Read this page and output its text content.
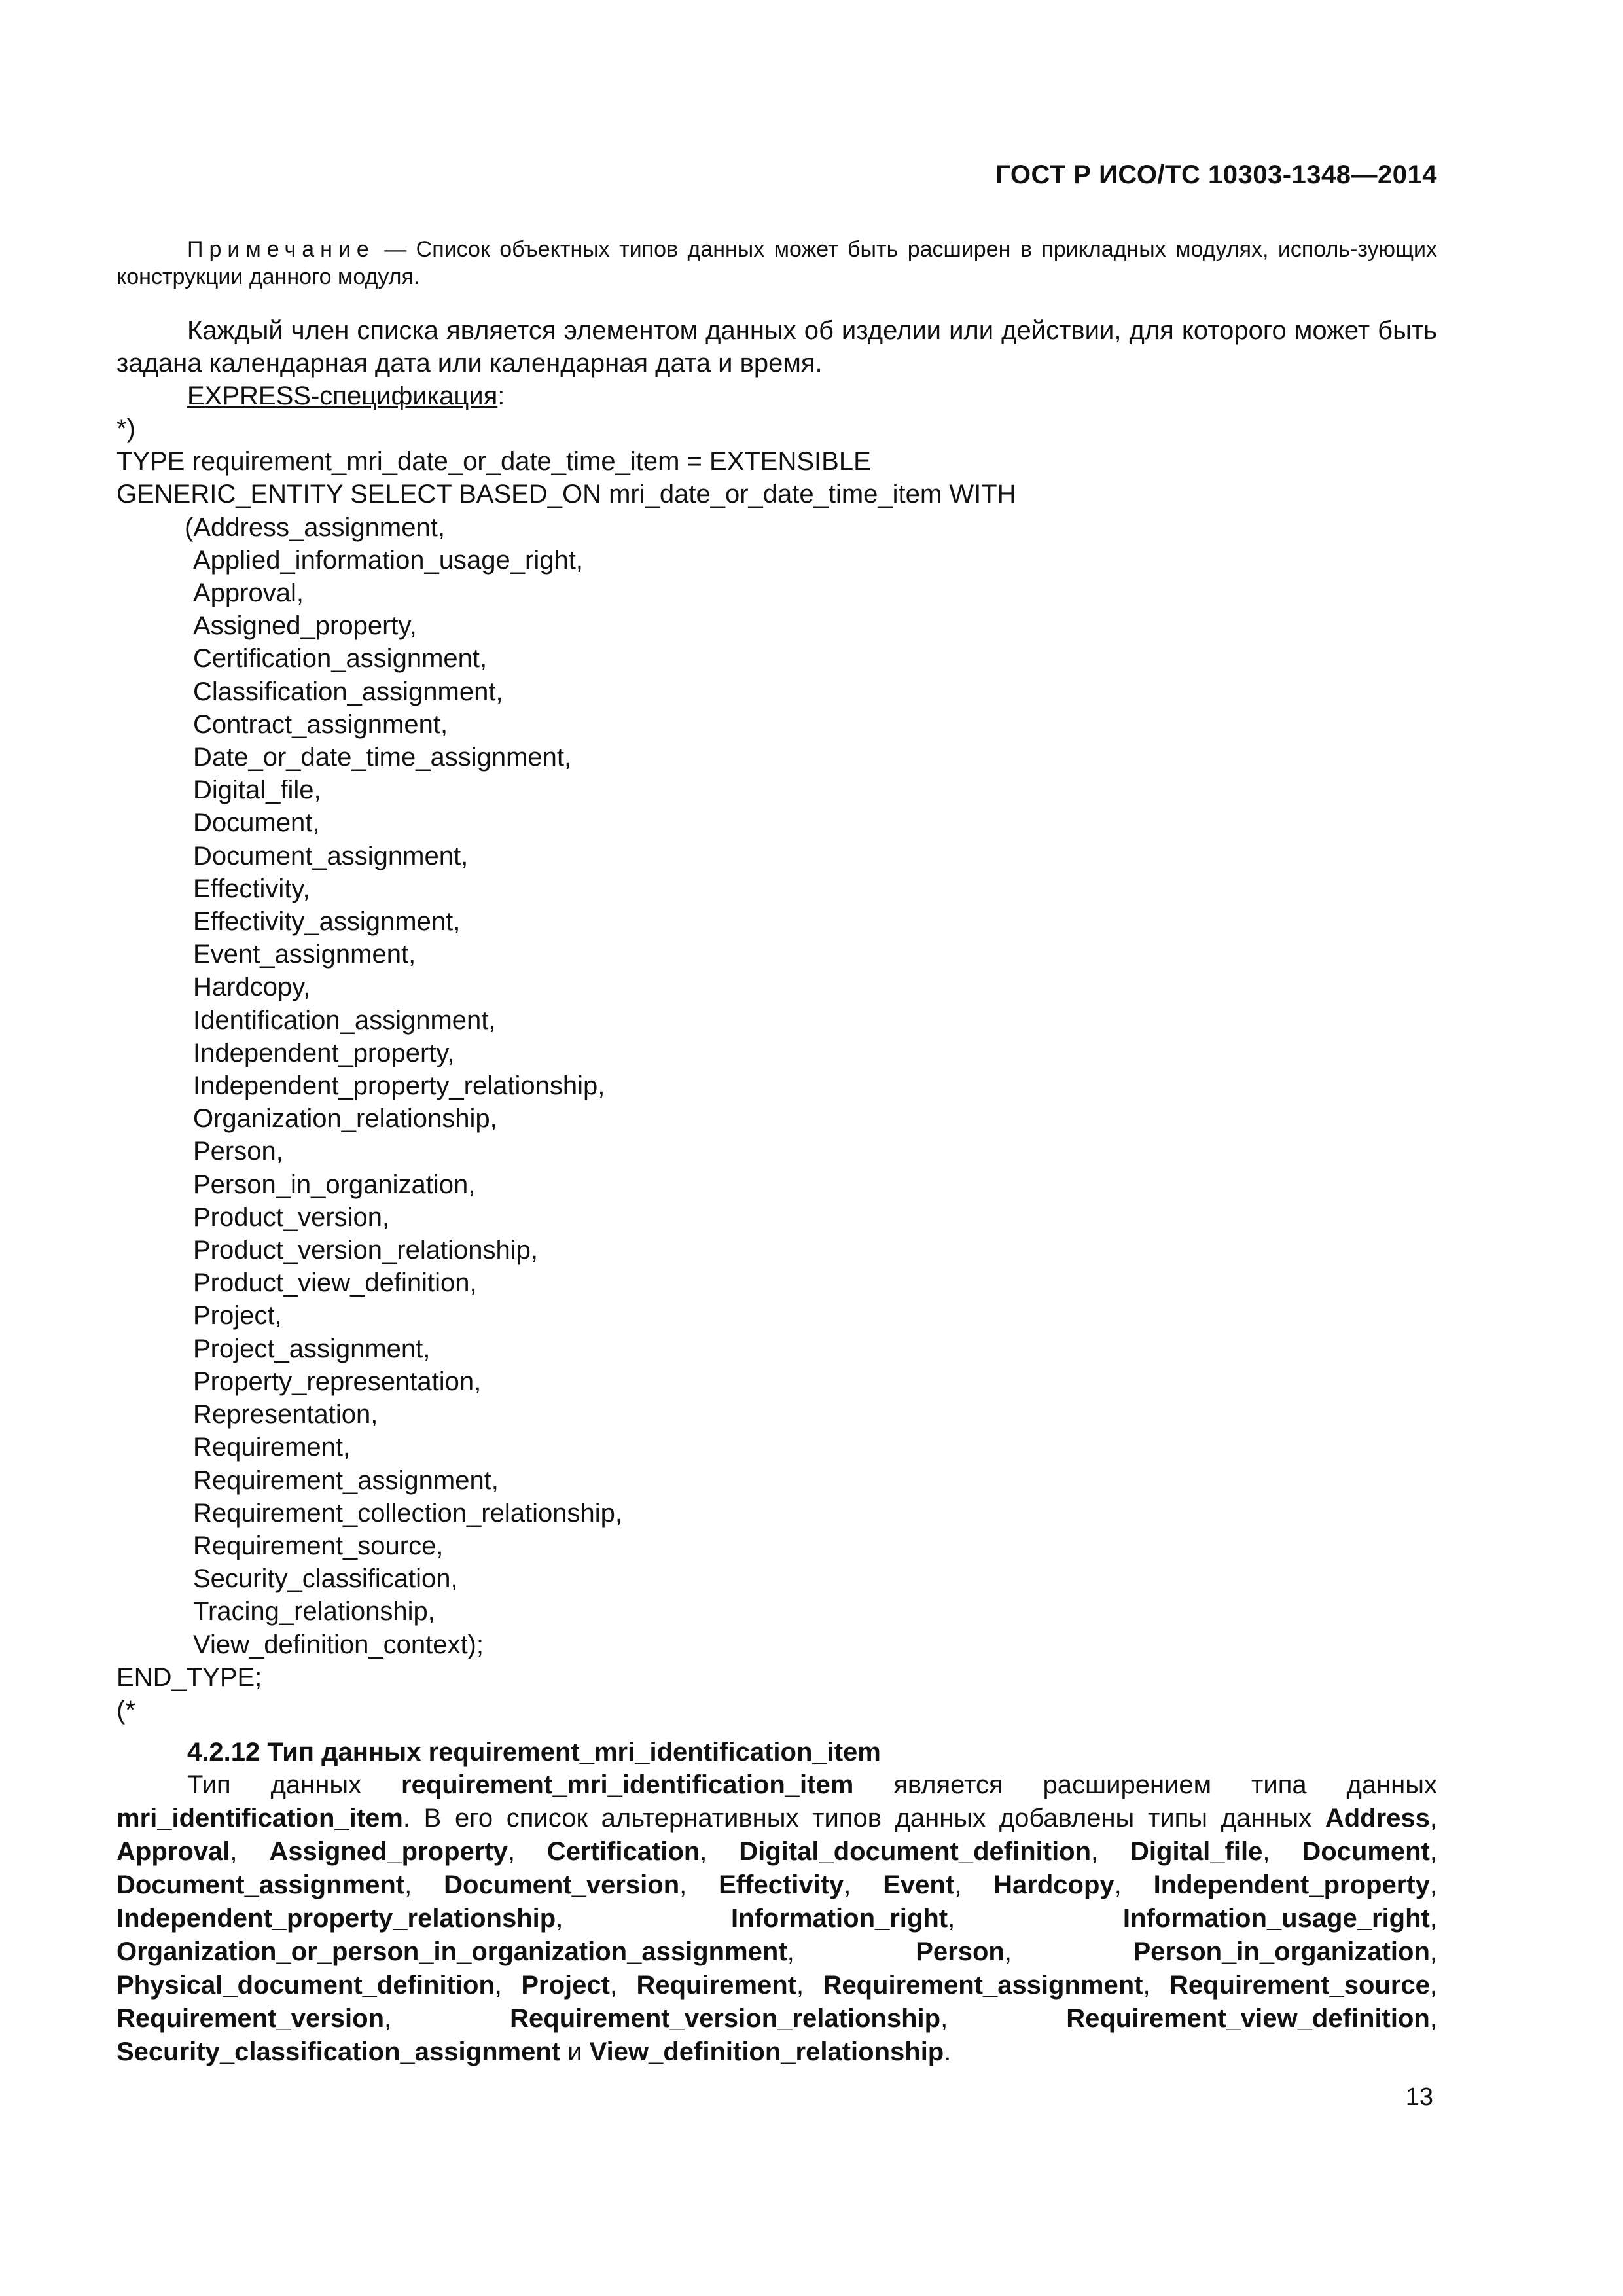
ГОСТ Р ИСО/ТС 10303-1348—2014

Примечание — Список объектных типов данных может быть расширен в прикладных модулях, исполь-зующих конструкции данного модуля.

Каждый член списка является элементом данных об изделии или действии, для которого может быть задана календарная дата или календарная дата и время.

EXPRESS-спецификация:

*)
TYPE requirement_mri_date_or_date_time_item = EXTENSIBLE
GENERIC_ENTITY SELECT BASED_ON mri_date_or_date_time_item WITH
(Address_assignment,
Applied_information_usage_right,
Approval,
Assigned_property,
Certification_assignment,
Classification_assignment,
Contract_assignment,
Date_or_date_time_assignment,
Digital_file,
Document,
Document_assignment,
Effectivity,
Effectivity_assignment,
Event_assignment,
Hardcopy,
Identification_assignment,
Independent_property,
Independent_property_relationship,
Organization_relationship,
Person,
Person_in_organization,
Product_version,
Product_version_relationship,
Product_view_definition,
Project,
Project_assignment,
Property_representation,
Representation,
Requirement,
Requirement_assignment,
Requirement_collection_relationship,
Requirement_source,
Security_classification,
Tracing_relationship,
View_definition_context);
END_TYPE;
(*

4.2.12 Тип данных requirement_mri_identification_item

Тип данных requirement_mri_identification_item является расширением типа данных mri_identification_item. В его список альтернативных типов данных добавлены типы данных Address, Approval, Assigned_property, Certification, Digital_document_definition, Digital_file, Document, Document_assignment, Document_version, Effectivity, Event, Hardcopy, Independent_property, Independent_property_relationship, Information_right, Information_usage_right, Organization_or_person_in_organization_assignment, Person, Person_in_organization, Physical_document_definition, Project, Requirement, Requirement_assignment, Requirement_source, Requirement_version, Requirement_version_relationship, Requirement_view_definition, Security_classification_assignment и View_definition_relationship.

13
